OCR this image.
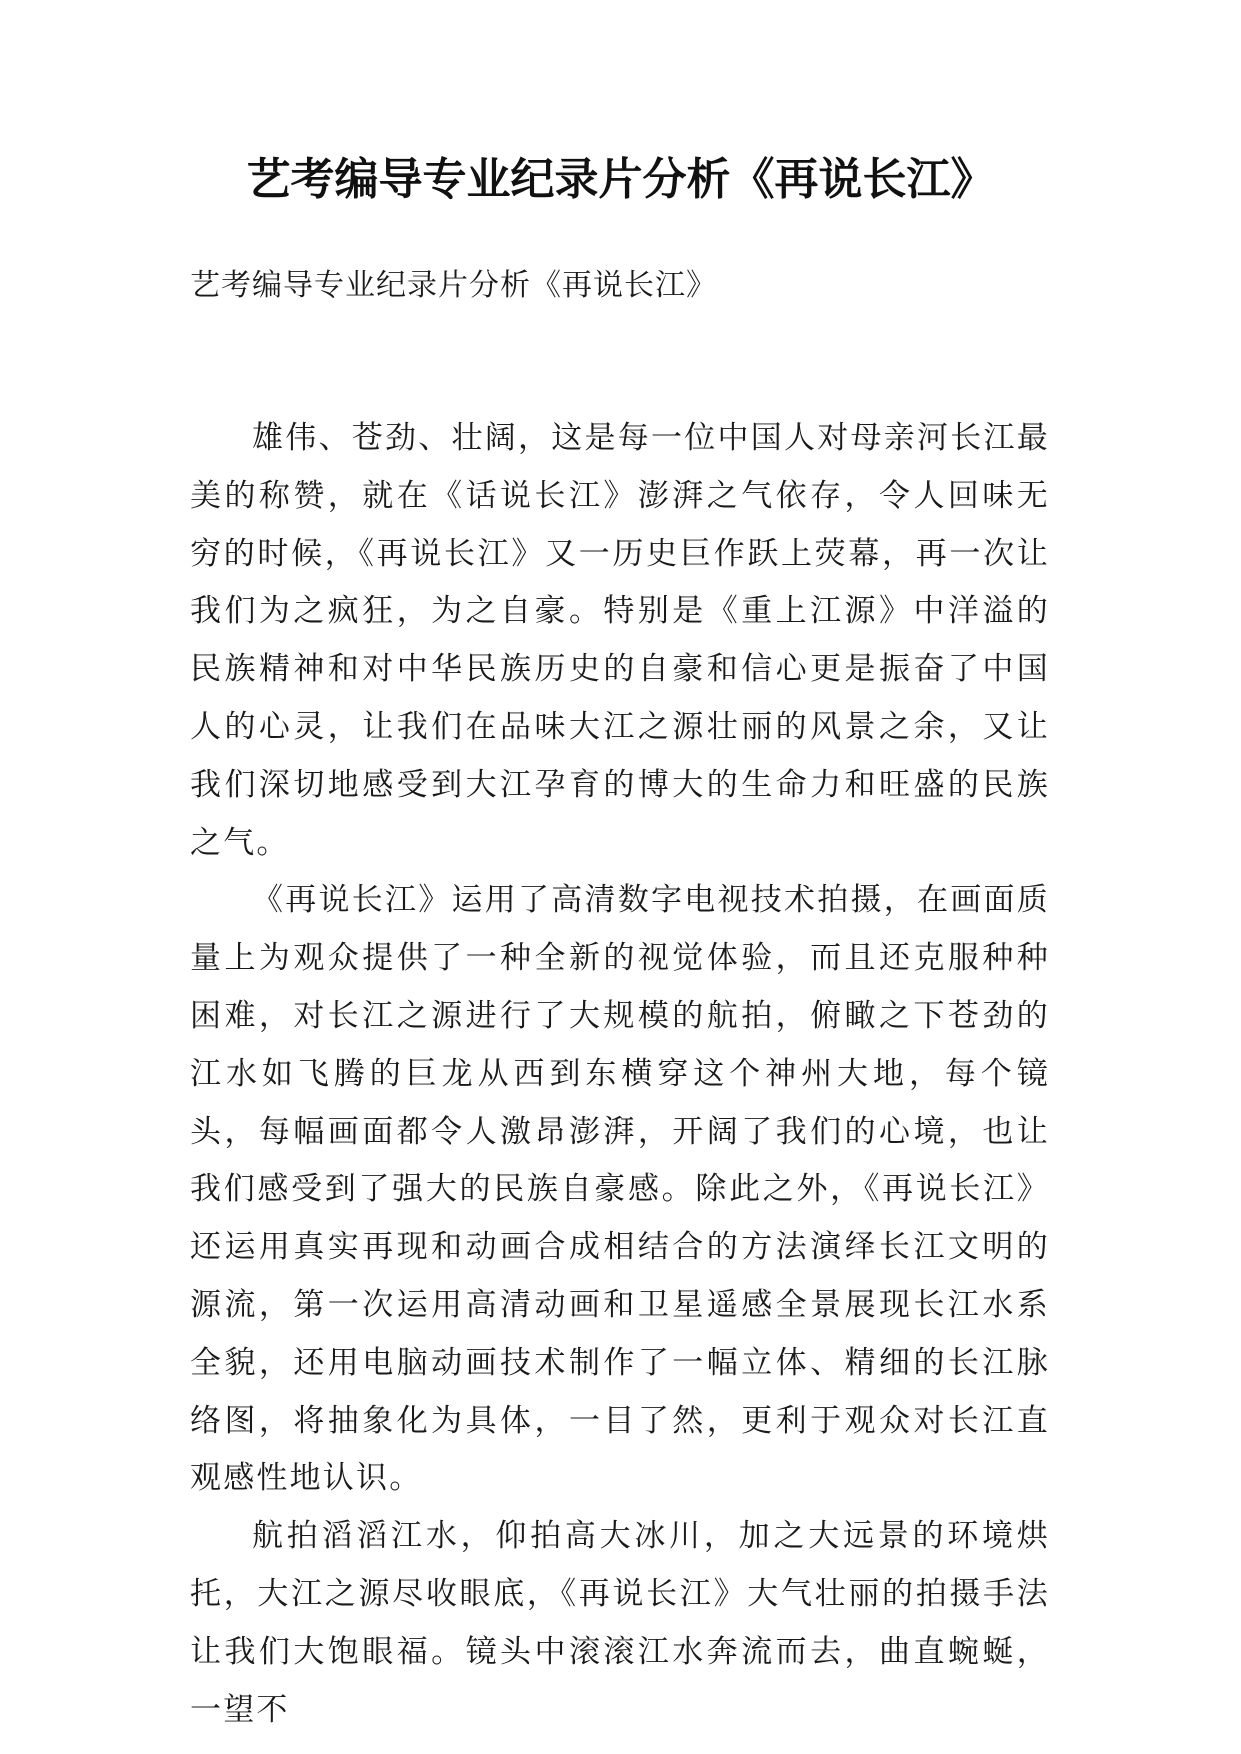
艺考编导专业纪录片分析《再说长江》
艺考编导专业纪录片分析《再说长江》

雄伟、苍劲、壮阔，这是每一位中国人对母亲河长江最美的称赞，就在《话说长江》澎湃之气依存，令人回味无穷的时候，《再说长江》又一历史巨作跃上荧幕，再一次让我们为之疯狂，为之自豪。特别是《重上江源》中洋溢的民族精神和对中华民族历史的自豪和信心更是振奋了中国人的心灵，让我们在品味大江之源壮丽的风景之余，又让我们深切地感受到大江孕育的博大的生命力和旺盛的民族之气。

《再说长江》运用了高清数字电视技术拍摄，在画面质量上为观众提供了一种全新的视觉体验，而且还克服种种困难，对长江之源进行了大规模的航拍，俯瞰之下苍劲的江水如飞腾的巨龙从西到东横穿这个神州大地，每个镜头，每幅画面都令人激昂澎湃，开阔了我们的心境，也让我们感受到了强大的民族自豪感。除此之外，《再说长江》还运用真实再现和动画合成相结合的方法演绎长江文明的源流，第一次运用高清动画和卫星遥感全景展现长江水系全貌，还用电脑动画技术制作了一幅立体、精细的长江脉络图，将抽象化为具体，一目了然，更利于观众对长江直观感性地认识。

航拍滔滔江水，仰拍高大冰川，加之大远景的环境烘托，大江之源尽收眼底，《再说长江》大气壮丽的拍摄手法让我们大饱眼福。镜头中滚滚江水奔流而去，曲直蜿蜒，一望不
